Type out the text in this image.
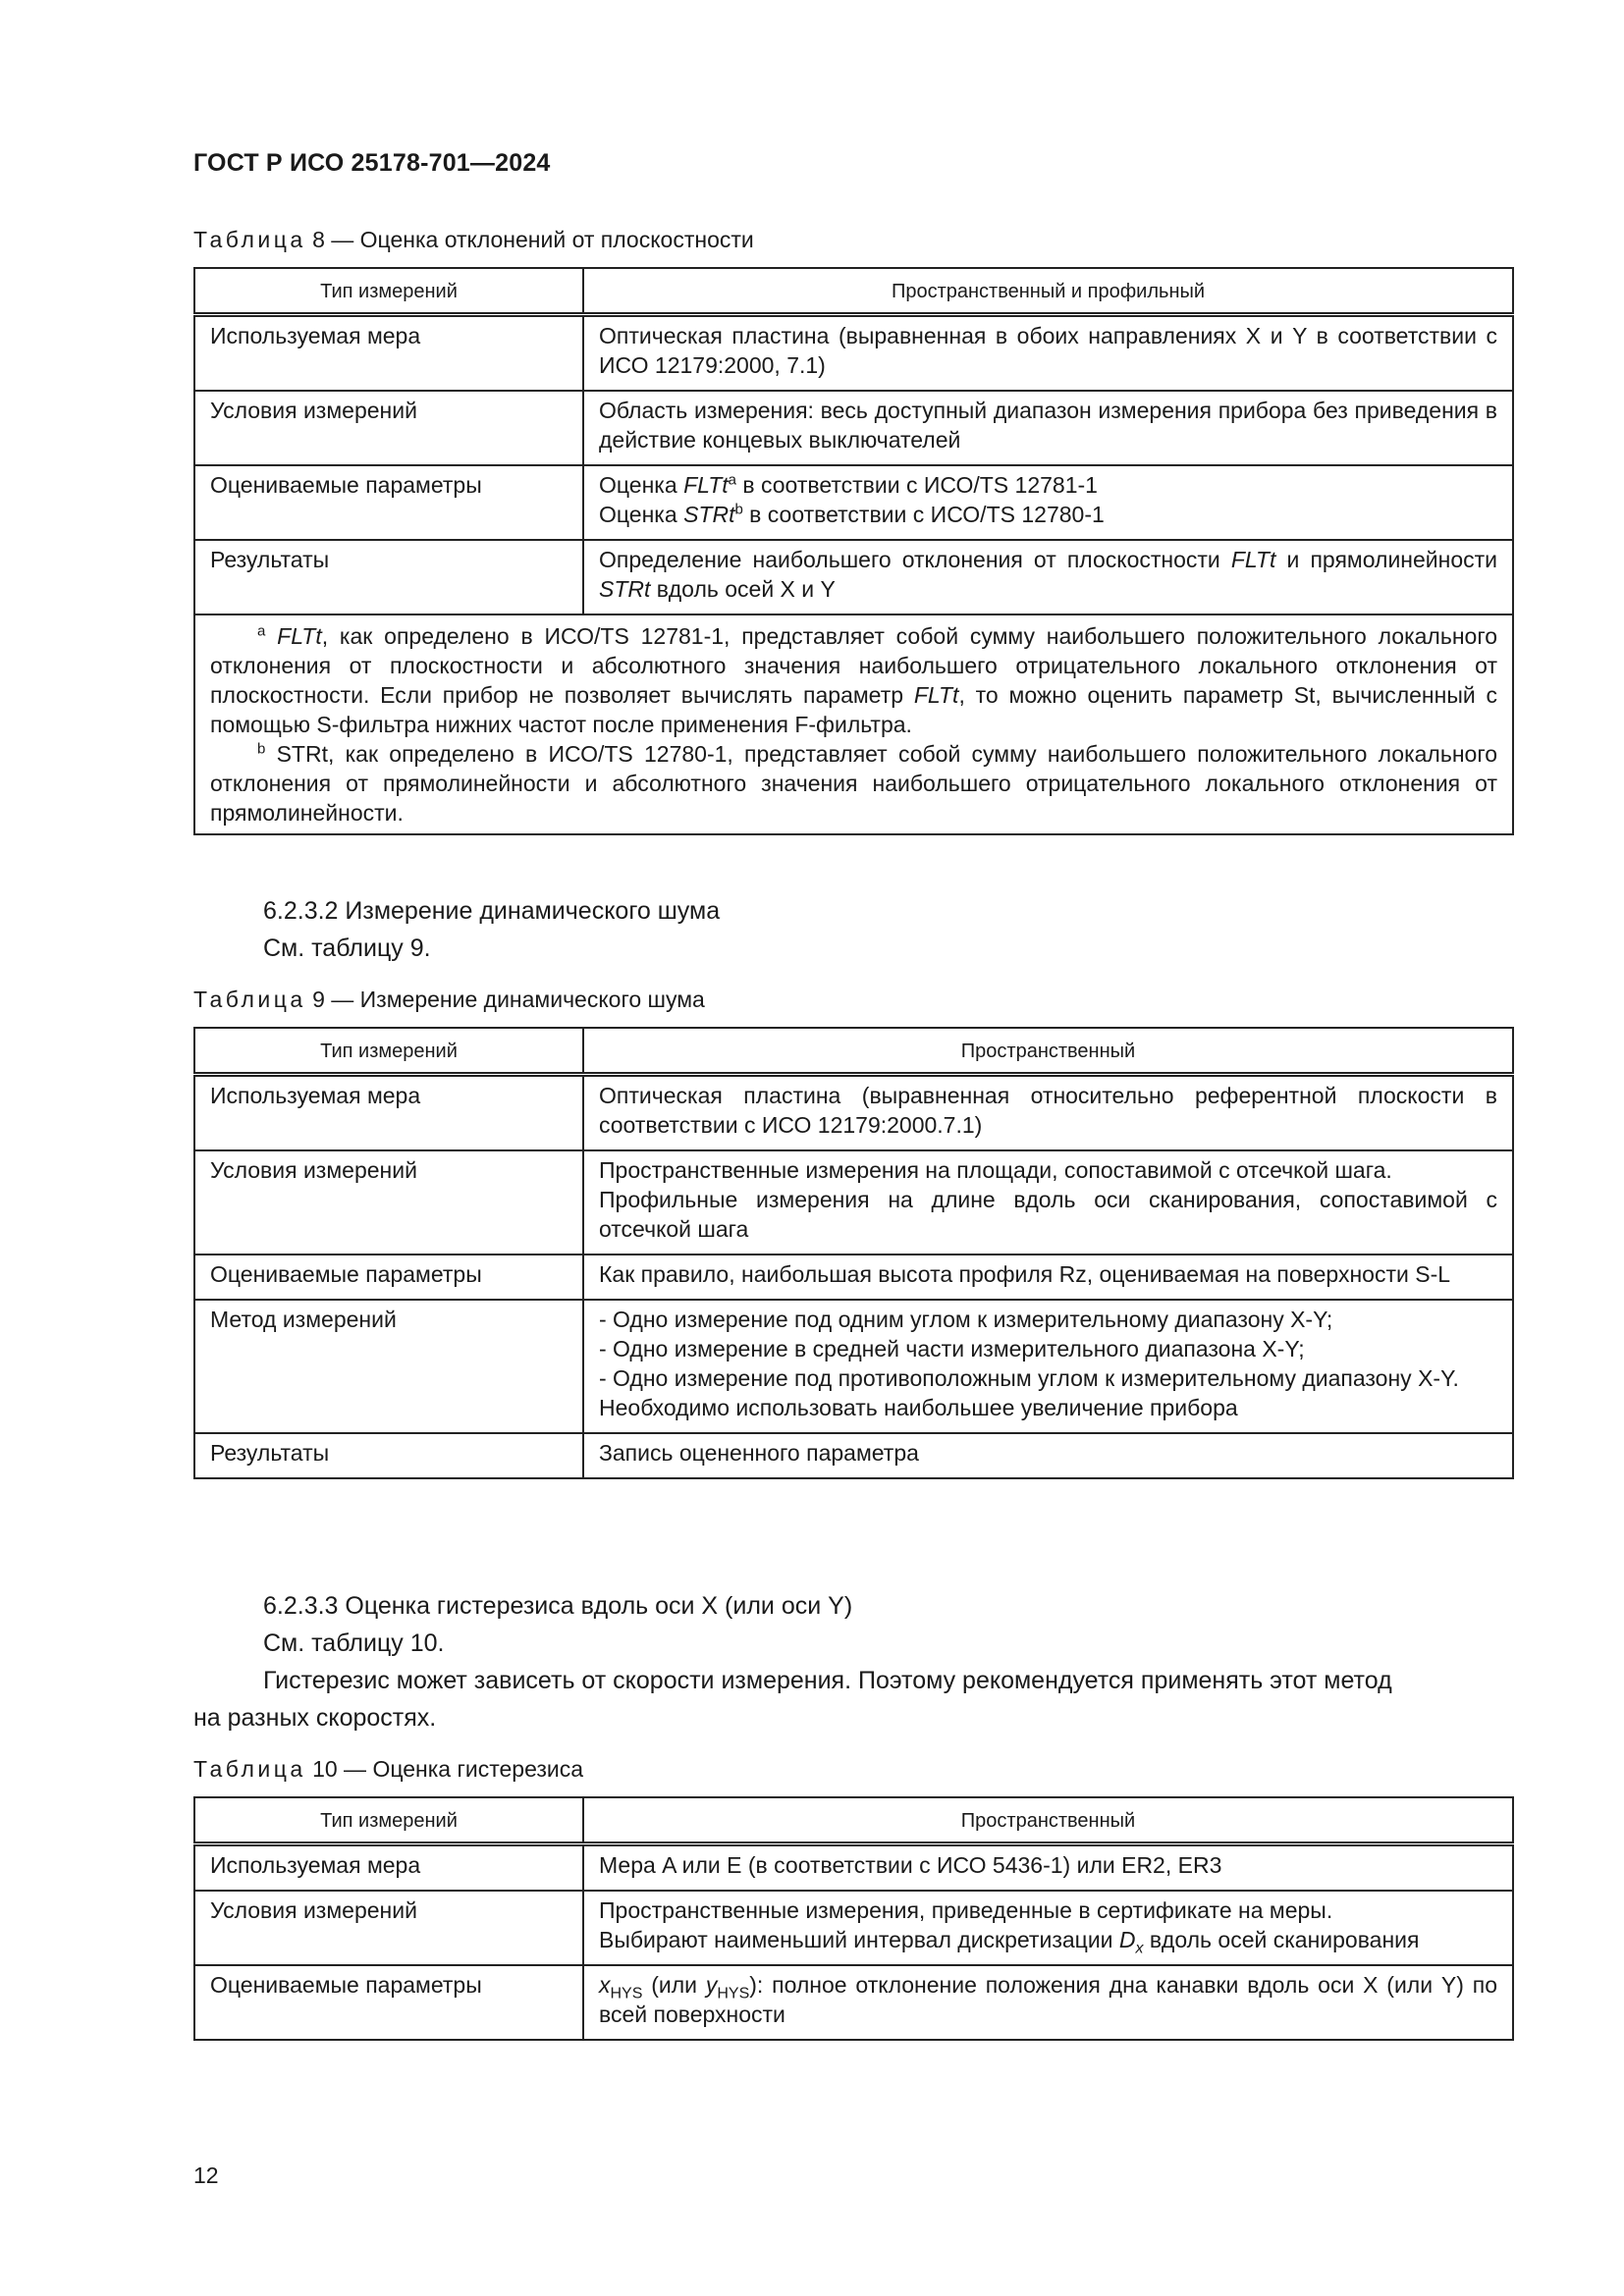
ГОСТ Р ИСО 25178-701—2024
Таблица 8 — Оценка отклонений от плоскостности
Тип измерений	Пространственный и профильный
Используемая мера	Оптическая пластина (выравненная в обоих направлениях X и Y в соответствии с ИСО 12179:2000, 7.1)
Условия измерений	Область измерения: весь доступный диапазон измерения прибора без приведения в действие концевых выключателей
Оцениваемые параметры	Оценка FLTt$^a$ в соответствии с ИСО/TS 12781-1
Оценка STRt$^b$ в соответствии с ИСО/TS 12780-1

Результаты	Определение наибольшего отклонения от плоскостности FLTt и прямолинейности STRt вдоль осей X и Y

$^a$ FLTt, как определено в ИСО/TS 12781-1, представляет собой сумму наибольшего положительного локального отклонения от плоскостности и абсолютного значения наибольшего отрицательного локального отклонения от плоскостности. Если прибор не позволяет вычислять параметр FLTt, то можно оценить параметр St, вычисленный с помощью S-фильтра нижних частот после применения F-фильтра.
$^b$ STRt, как определено в ИСО/TS 12780-1, представляет собой сумму наибольшего положительного локального отклонения от прямолинейности и абсолютного значения наибольшего отрицательного локального отклонения от прямолинейности.	
6.2.3.2 Измерение динамического шума
См. таблицу 9.
Таблица 9 — Измерение динамического шума
Тип измерений	Пространственный
Используемая мера	Оптическая пластина (выравненная относительно референтной плоскости в соответствии с ИСО 12179:2000.7.1)
Условия измерений	Пространственные измерения на площади, сопоставимой с отсечкой шага.
Профильные измерения на длине вдоль оси сканирования, сопоставимой с отсечкой шага

Оцениваемые параметры	Как правило, наибольшая высота профиля Rz, оцениваемая на поверхности S-L
Метод измерений	- Одно измерение под одним углом к измерительному диапазону X-Y;
- Одно измерение в средней части измерительного диапазона X-Y;
- Одно измерение под противоположным углом к измерительному диапазону X-Y.
Необходимо использовать наибольшее увеличение прибора

Результаты	Запись оцененного параметра
6.2.3.3 Оценка гистерезиса вдоль оси X (или оси Y)
См. таблицу 10.
Гистерезис может зависеть от скорости измерения. Поэтому рекомендуется применять этот метод
на разных скоростях.
Таблица 10 — Оценка гистерезиса
Тип измерений	Пространственный
Используемая мера	Мера A или E (в соответствии с ИСО 5436-1) или ER2, ER3
Условия измерений	Пространственные измерения, приведенные в сертификате на меры.
Выбирают наименьший интервал дискретизации $D_x$ вдоль осей сканирования

Оцениваемые параметры	$x_{HYS}$ (или $y_{HYS}$): полное отклонение положения дна канавки вдоль оси X (или Y) по всей поверхности
12
